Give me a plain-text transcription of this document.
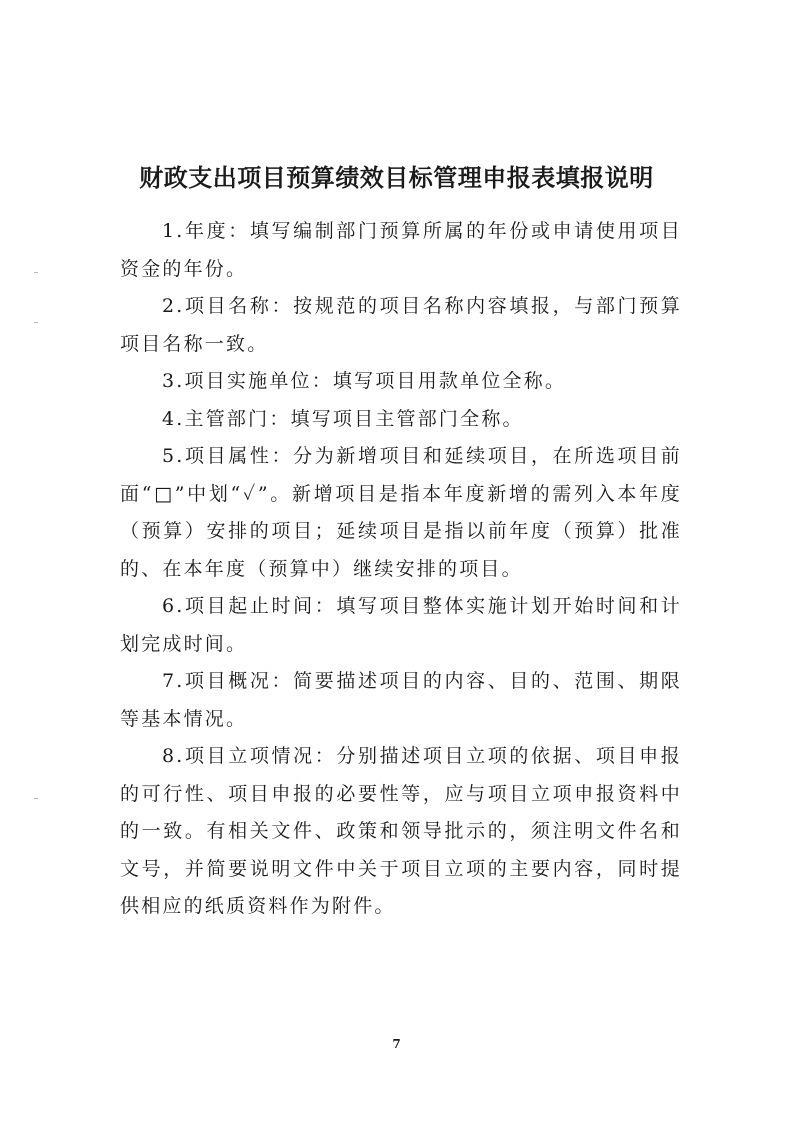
财政支出项目预算绩效目标管理申报表填报说明

1.年度：填写编制部门预算所属的年份或申请使用项目资金的年份。

2.项目名称：按规范的项目名称内容填报，与部门预算项目名称一致。

3.项目实施单位：填写项目用款单位全称。

4.主管部门：填写项目主管部门全称。

5.项目属性：分为新增项目和延续项目，在所选项目前面“□”中划“✓”。新增项目是指本年度新增的需列入本年度（预算）安排的项目；延续项目是指以前年度（预算）批准的、在本年度（预算中）继续安排的项目。

6.项目起止时间：填写项目整体实施计划开始时间和计划完成时间。

7.项目概况：简要描述项目的内容、目的、范围、期限等基本情况。

8.项目立项情况：分别描述项目立项的依据、项目申报的可行性、项目申报的必要性等，应与项目立项申报资料中的一致。有相关文件、政策和领导批示的，须注明文件名和文号，并简要说明文件中关于项目立项的主要内容，同时提供相应的纸质资料作为附件。

7
